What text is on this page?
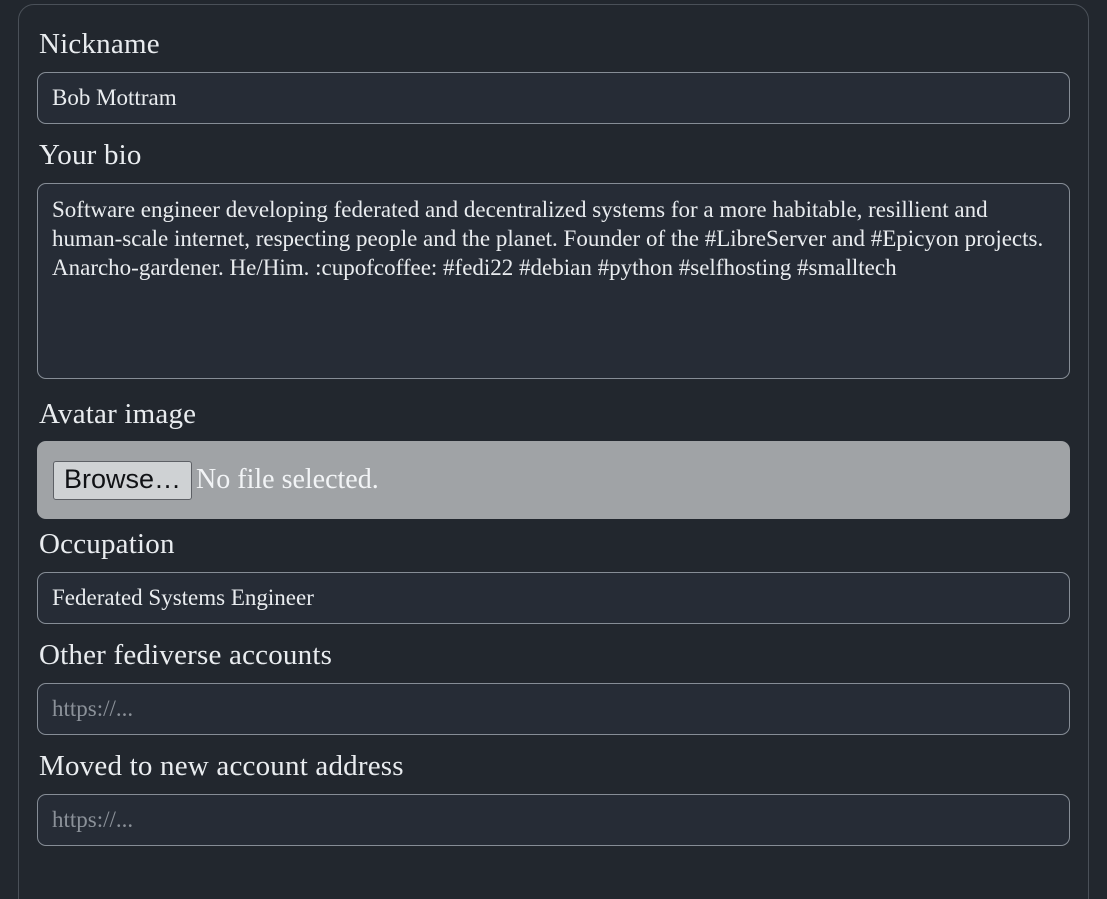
Nickname
Bob Mottram
Your bio
Software engineer developing federated and decentralized systems for a more habitable, resillient and human-scale internet, respecting people and the planet. Founder of the #LibreServer and #Epicyon projects. Anarcho-gardener. He/Him. :cupofcoffee: #fedi22 #debian #python #selfhosting #smalltech
Avatar image
Browse… No file selected.
Occupation
Federated Systems Engineer
Other fediverse accounts
https://...
Moved to new account address
https://...
